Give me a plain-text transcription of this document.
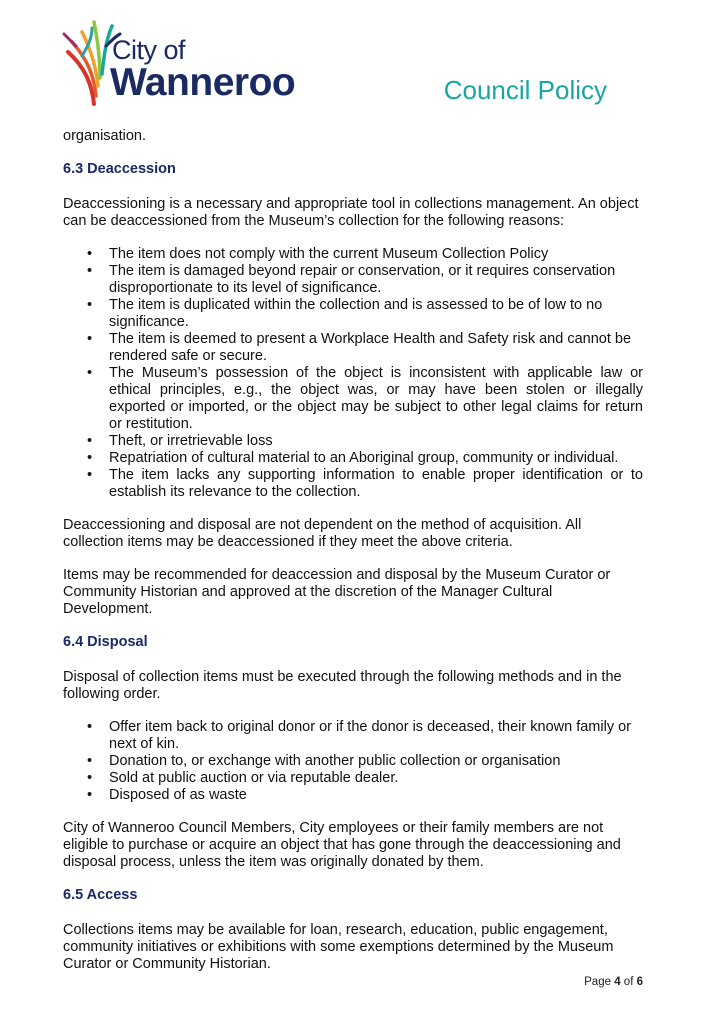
City of
Wanneroo	Council Policy

organisation.

6.3 Deaccession

Deaccessioning is a necessary and appropriate tool in collections management. An object can be deaccessioned from the Museum’s collection for the following reasons:

• The item does not comply with the current Museum Collection Policy
• The item is damaged beyond repair or conservation, or it requires conservation disproportionate to its level of significance.
• The item is duplicated within the collection and is assessed to be of low to no significance.
• The item is deemed to present a Workplace Health and Safety risk and cannot be rendered safe or secure.
• The Museum’s possession of the object is inconsistent with applicable law or ethical principles, e.g., the object was, or may have been stolen or illegally exported or imported, or the object may be subject to other legal claims for return or restitution.
• Theft, or irretrievable loss
• Repatriation of cultural material to an Aboriginal group, community or individual.
• The item lacks any supporting information to enable proper identification or to establish its relevance to the collection.

Deaccessioning and disposal are not dependent on the method of acquisition. All collection items may be deaccessioned if they meet the above criteria.

Items may be recommended for deaccession and disposal by the Museum Curator or Community Historian and approved at the discretion of the Manager Cultural Development.

6.4 Disposal

Disposal of collection items must be executed through the following methods and in the following order.

• Offer item back to original donor or if the donor is deceased, their known family or next of kin.
• Donation to, or exchange with another public collection or organisation
• Sold at public auction or via reputable dealer.
• Disposed of as waste

City of Wanneroo Council Members, City employees or their family members are not eligible to purchase or acquire an object that has gone through the deaccessioning and disposal process, unless the item was originally donated by them.

6.5 Access

Collections items may be available for loan, research, education, public engagement, community initiatives or exhibitions with some exemptions determined by the Museum Curator or Community Historian.

Page 4 of 6
